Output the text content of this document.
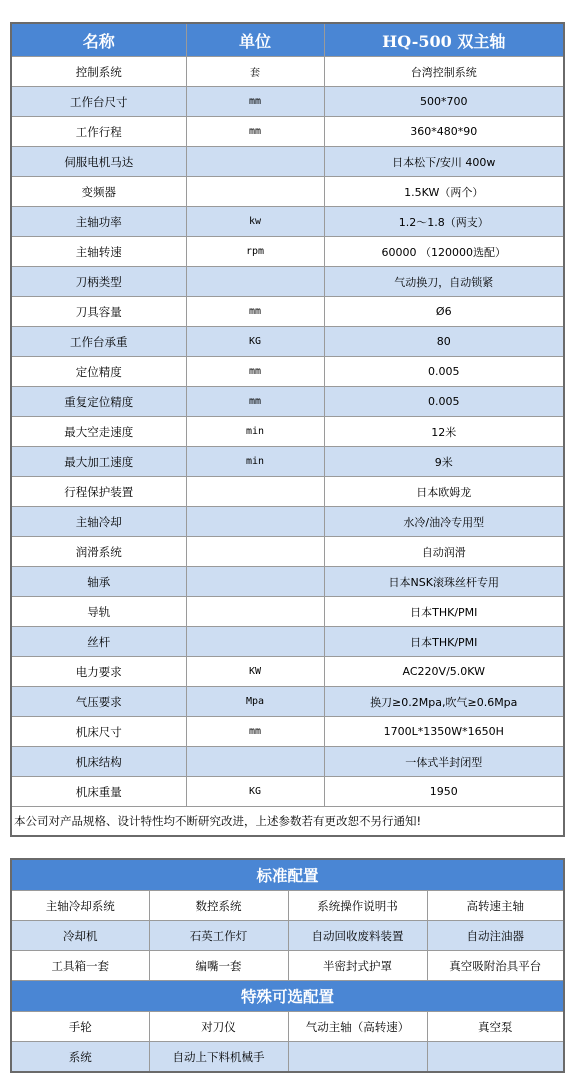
名称	单位	HQ-500 双主轴
控制系统	套	台湾控制系统
工作台尺寸	mm	500*700
工作行程	mm	360*480*90
伺服电机马达		日本松下/安川 400w
变频器		1.5KW（两个）
主轴功率	kw	1.2～1.8（两支）
主轴转速	rpm	60000 （120000选配）
刀柄类型		气动换刀，自动锁紧
刀具容量	mm	Ø6
工作台承重	KG	80
定位精度	mm	0.005
重复定位精度	mm	0.005
最大空走速度	min	12米
最大加工速度	min	9米
行程保护装置		日本欧姆龙
主轴冷却		水冷/油冷专用型
润滑系统		自动润滑
轴承		日本NSK滚珠丝杆专用
导轨		日本THK/PMI
丝杆		日本THK/PMI
电力要求	KW	AC220V/5.0KW
气压要求	Mpa	换刀≥0.2Mpa,吹气≥0.6Mpa
机床尺寸	mm	1700L*1350W*1650H
机床结构		一体式半封闭型
机床重量	KG	1950
本公司对产品规格、设计特性均不断研究改进，上述参数若有更改恕不另行通知!		
标准配置			
主轴冷却系统	数控系统	系统操作说明书	高转速主轴
冷却机	石英工作灯	自动回收废料装置	自动注油器
工具箱一套	编嘴一套	半密封式护罩	真空吸附治具平台
特殊可选配置			
手轮	对刀仪	气动主轴（高转速）	真空泵
系统	自动上下料机械手		
